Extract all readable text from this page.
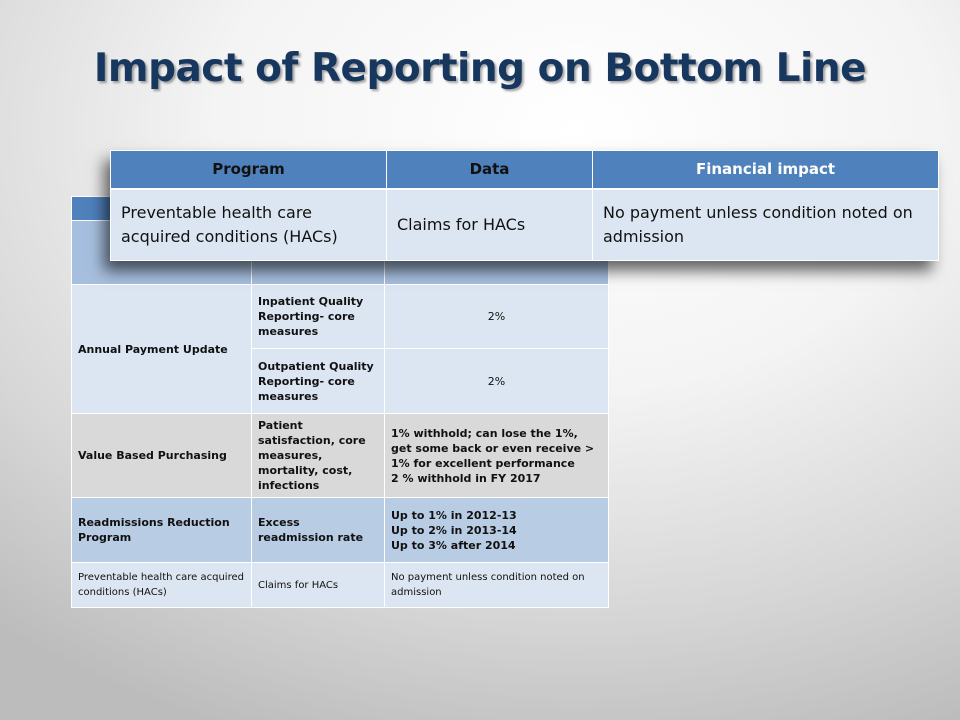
Impact of Reporting on Bottom Line

Annual Payment Update	Inpatient Quality Reporting- core measures	2%
	Outpatient Quality Reporting- core measures	2%
Value Based Purchasing	Patient satisfaction, core measures, mortality, cost, infections	1% withhold; can lose the 1%, get some back or even receive > 1% for excellent performance
2 % withhold in FY 2017

Readmissions Reduction Program	Excess readmission rate	Up to 1% in 2012-13
Up to 2% in 2013-14
Up to 3% after 2014

Preventable health care acquired conditions (HACs)	Claims for HACs	No payment unless condition noted on admission
Program	Data	Financial impact
Preventable health care acquired conditions (HACs)	Claims for HACs	No payment unless condition noted on admission
